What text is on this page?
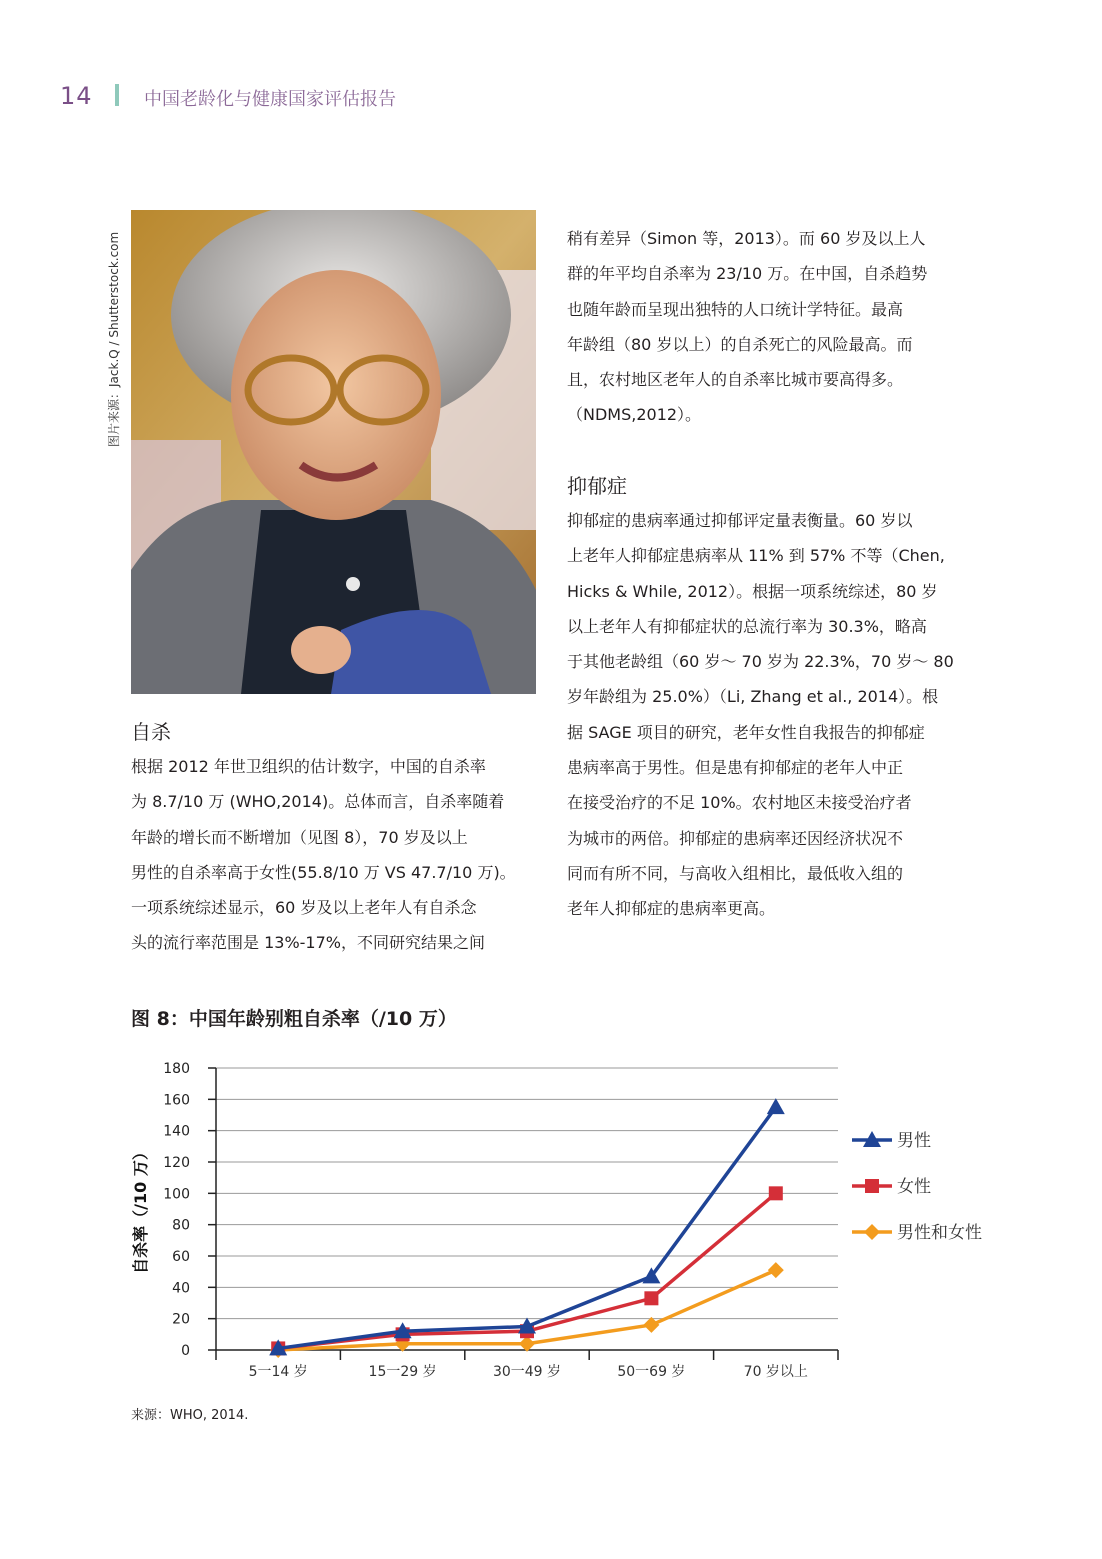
14	中国老龄化与健康国家评估报告
图片来源：Jack.Q / Shutterstock.com
自杀
根据 2012 年世卫组织的估计数字，中国的自杀率
为 8.7/10 万 (WHO,2014)。总体而言，自杀率随着
年龄的增长而不断增加（见图 8），70 岁及以上
男性的自杀率高于女性(55.8/10 万 VS 47.7/10 万)。
一项系统综述显示，60 岁及以上老年人有自杀念
头的流行率范围是 13%-17%，不同研究结果之间
稍有差异（Simon 等，2013）。而 60 岁及以上人
群的年平均自杀率为 23/10 万。在中国，自杀趋势
也随年龄而呈现出独特的人口统计学特征。最高
年龄组（80 岁以上）的自杀死亡的风险最高。而
且，农村地区老年人的自杀率比城市要高得多。
（NDMS,2012）。
抑郁症
抑郁症的患病率通过抑郁评定量表衡量。60 岁以
上老年人抑郁症患病率从 11% 到 57% 不等（Chen,
Hicks & While, 2012）。根据一项系统综述，80 岁
以上老年人有抑郁症状的总流行率为 30.3%，略高
于其他老龄组（60 岁～ 70 岁为 22.3%，70 岁～ 80
岁年龄组为 25.0%）（Li, Zhang et al., 2014）。根
据 SAGE 项目的研究，老年女性自我报告的抑郁症
患病率高于男性。但是患有抑郁症的老年人中正
在接受治疗的不足 10%。农村地区未接受治疗者
为城市的两倍。抑郁症的患病率还因经济状况不
同而有所不同，与高收入组相比，最低收入组的
老年人抑郁症的患病率更高。
图 8：中国年龄别粗自杀率（/10 万）
0
20
40
60
80
100
120
140
160
180
5一14 岁	15一29 岁	30一49 岁	50一69 岁	70 岁以上
自杀率（/10 万）
男性
女性
男性和女性
来源：WHO, 2014.
